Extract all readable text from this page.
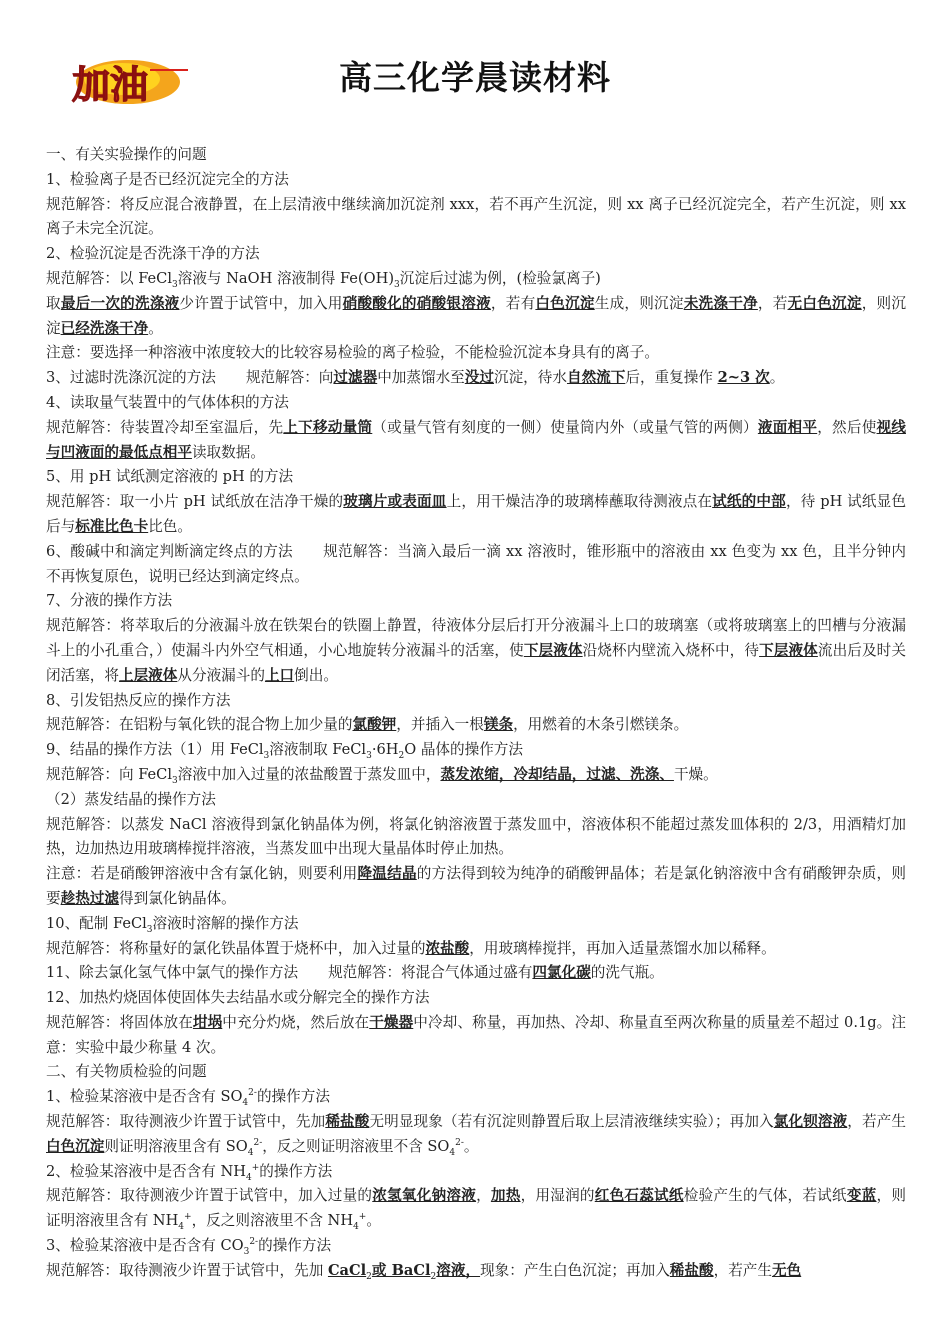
加油	高三化学晨读材料

一、有关实验操作的问题

1、检验离子是否已经沉淀完全的方法

规范解答：将反应混合液静置，在上层清液中继续滴加沉淀剂 xxx，若不再产生沉淀，则 xx 离子已经沉淀完全，若产生沉淀，则 xx 离子未完全沉淀。

2、检验沉淀是否洗涤干净的方法

规范解答：以 FeCl$_3$溶液与 NaOH 溶液制得 $Fe(OH)_3$沉淀后过滤为例，(检验氯离子)

取最后一次的洗涤液少许置于试管中，加入用硝酸酸化的硝酸银溶液，若有白色沉淀生成，则沉淀未洗涤干净，若无白色沉淀，则沉淀已经洗涤干净。

注意：要选择一种溶液中浓度较大的比较容易检验的离子检验，不能检验沉淀本身具有的离子。

3、过滤时洗涤沉淀的方法 规范解答：向过滤器中加蒸馏水至没过沉淀，待水自然流下后，重复操作 2~3 次。

4、读取量气装置中的气体体积的方法

规范解答：待装置冷却至室温后，先上下移动量筒（或量气管有刻度的一侧）使量筒内外（或量气管的两侧）液面相平，然后使视线与凹液面的最低点相平读取数据。

5、用 pH 试纸测定溶液的 pH 的方法

规范解答：取一小片 pH 试纸放在洁净干燥的玻璃片或表面皿上，用干燥洁净的玻璃棒蘸取待测液点在试纸的中部，待 pH 试纸显色后与标准比色卡比色。

6、酸碱中和滴定判断滴定终点的方法 规范解答：当滴入最后一滴 xx 溶液时，锥形瓶中的溶液由 xx 色变为 xx 色，且半分钟内不再恢复原色，说明已经达到滴定终点。

7、分液的操作方法

规范解答：将萃取后的分液漏斗放在铁架台的铁圈上静置，待液体分层后打开分液漏斗上口的玻璃塞（或将玻璃塞上的凹槽与分液漏斗上的小孔重合，）使漏斗内外空气相通，小心地旋转分液漏斗的活塞，使下层液体沿烧杯内壁流入烧杯中，待下层液体流出后及时关闭活塞，将上层液体从分液漏斗的上口倒出。

8、引发铝热反应的操作方法

规范解答：在铝粉与氧化铁的混合物上加少量的氯酸钾，并插入一根镁条，用燃着的木条引燃镁条。

9、结晶的操作方法（1）用 FeCl$_3$溶液制取 $FeCl_3\cdot 6H_2O$ 晶体的操作方法

规范解答：向 FeCl$_3$溶液中加入过量的浓盐酸置于蒸发皿中，蒸发浓缩，冷却结晶，过滤、洗涤、干燥。

（2）蒸发结晶的操作方法

规范解答：以蒸发 NaCl 溶液得到氯化钠晶体为例，将氯化钠溶液置于蒸发皿中，溶液体积不能超过蒸发皿体积的 2/3，用酒精灯加热，边加热边用玻璃棒搅拌溶液，当蒸发皿中出现大量晶体时停止加热。

注意：若是硝酸钾溶液中含有氯化钠，则要利用降温结晶的方法得到较为纯净的硝酸钾晶体；若是氯化钠溶液中含有硝酸钾杂质，则要趁热过滤得到氯化钠晶体。

10、配制 FeCl$_3$溶液时溶解的操作方法

规范解答：将称量好的氯化铁晶体置于烧杯中，加入过量的浓盐酸，用玻璃棒搅拌，再加入适量蒸馏水加以稀释。

11、除去氯化氢气体中氯气的操作方法 规范解答：将混合气体通过盛有四氯化碳的洗气瓶。

12、加热灼烧固体使固体失去结晶水或分解完全的操作方法

规范解答：将固体放在坩埚中充分灼烧，然后放在干燥器中冷却、称量，再加热、冷却、称量直至两次称量的质量差不超过 0.1g。注意：实验中最少称量 4 次。

二、有关物质检验的问题

1、检验某溶液中是否含有 $SO_4^{2-}$的操作方法

规范解答：取待测液少许置于试管中，先加稀盐酸无明显现象（若有沉淀则静置后取上层清液继续实验）；再加入氯化钡溶液，若产生白色沉淀则证明溶液里含有 $SO_4^{2-}$，反之则证明溶液里不含 $SO_4^{2-}$。

2、检验某溶液中是否含有 $NH_4^+$的操作方法

规范解答：取待测液少许置于试管中，加入过量的浓氢氧化钠溶液，加热，用湿润的红色石蕊试纸检验产生的气体，若试纸变蓝，则证明溶液里含有 $NH_4^+$，反之则溶液里不含 $NH_4^+$。

3、检验某溶液中是否含有 $CO_3^{2-}$的操作方法

规范解答：取待测液少许置于试管中，先加 CaCl$_2$或 BaCl$_2$溶液，现象：产生白色沉淀；再加入稀盐酸，若产生无色
